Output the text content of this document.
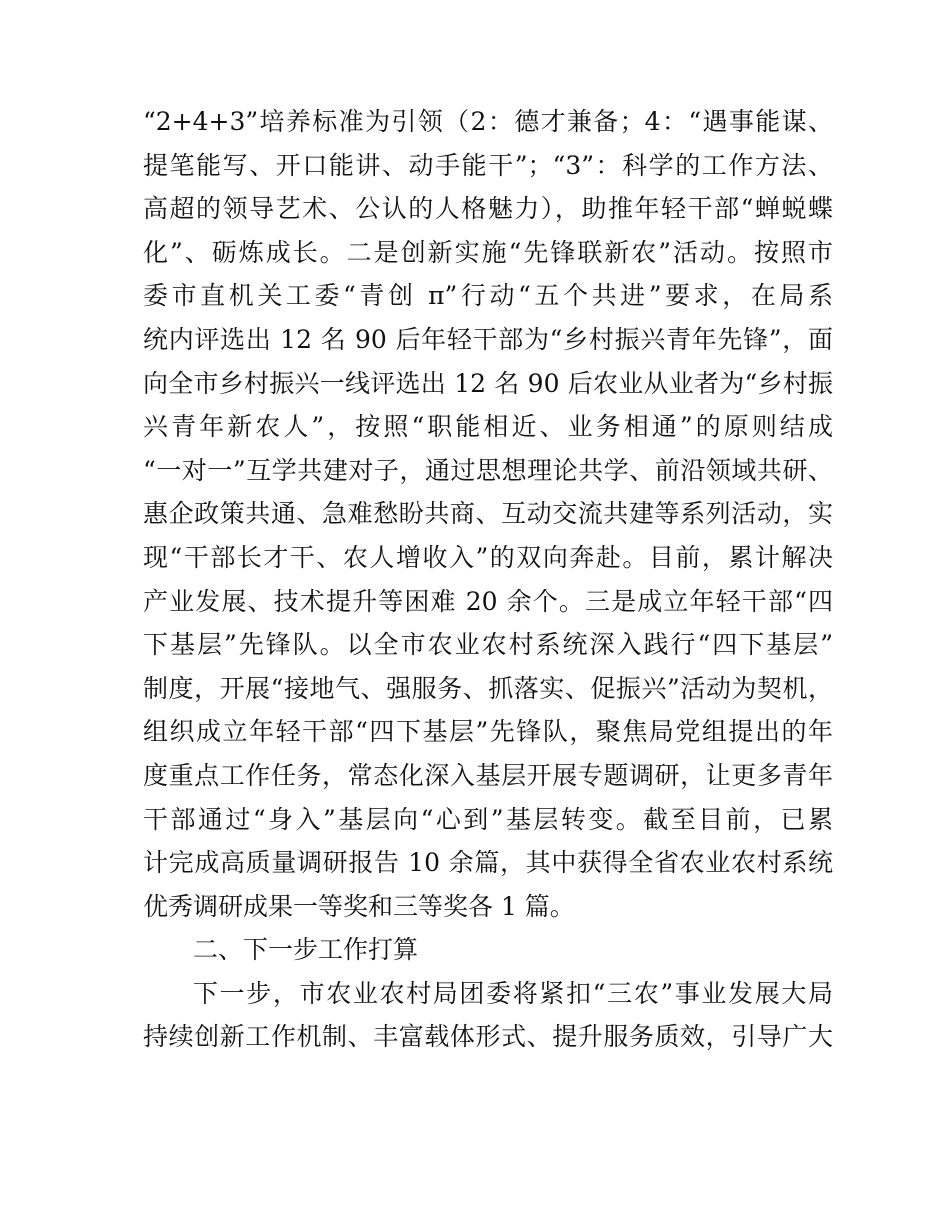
“2+4+3”培养标准为引领（2：德才兼备；4：“遇事能谋、
提笔能写、开口能讲、动手能干”；“3”：科学的工作方法、
高超的领导艺术、公认的人格魅力），助推年轻干部“蝉蜕蝶
化”、砺炼成长。二是创新实施“先锋联新农”活动。按照市
委市直机关工委“青创 π”行动“五个共进”要求，在局系
统内评选出 12 名 90 后年轻干部为“乡村振兴青年先锋”，面
向全市乡村振兴一线评选出 12 名 90 后农业从业者为“乡村振
兴青年新农人”，按照“职能相近、业务相通”的原则结成
“一对一”互学共建对子，通过思想理论共学、前沿领域共研、
惠企政策共通、急难愁盼共商、互动交流共建等系列活动，实
现“干部长才干、农人增收入”的双向奔赴。目前，累计解决
产业发展、技术提升等困难 20 余个。三是成立年轻干部“四
下基层”先锋队。以全市农业农村系统深入践行“四下基层”
制度，开展“接地气、强服务、抓落实、促振兴”活动为契机，
组织成立年轻干部“四下基层”先锋队，聚焦局党组提出的年
度重点工作任务，常态化深入基层开展专题调研，让更多青年
干部通过“身入”基层向“心到”基层转变。截至目前，已累
计完成高质量调研报告 10 余篇，其中获得全省农业农村系统
优秀调研成果一等奖和三等奖各 1 篇。
二、下一步工作打算
下一步，市农业农村局团委将紧扣“三农”事业发展大局
持续创新工作机制、丰富载体形式、提升服务质效，引导广大
